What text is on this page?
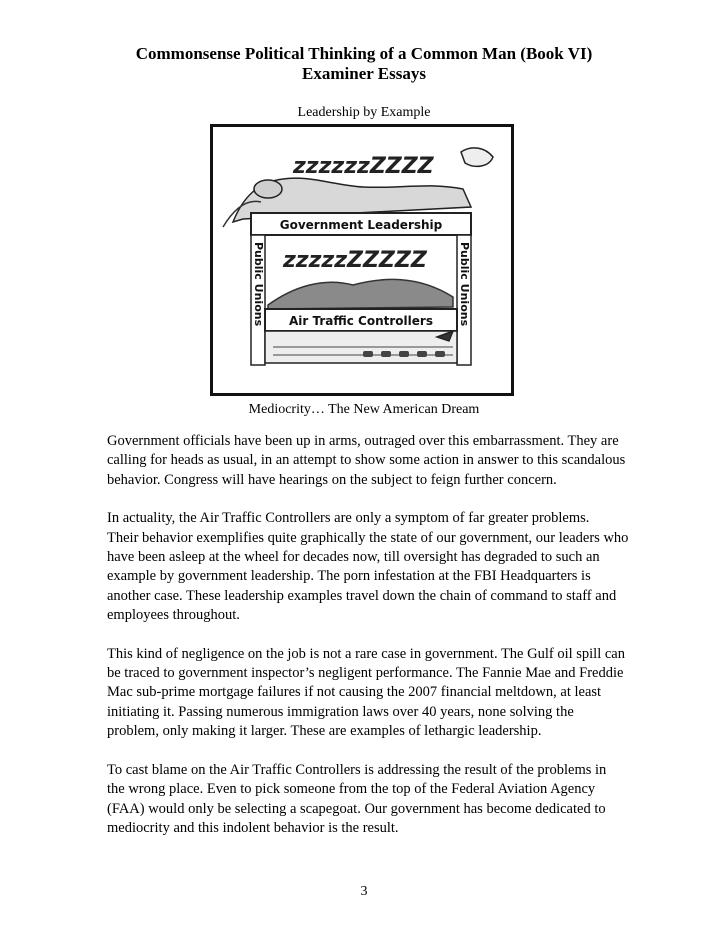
Commonsense Political Thinking of a Common Man (Book VI)
Examiner Essays
Leadership by Example
zzzzzzZZZZ
Government Leadership
Public Unions	Public Unions
zzzzzZZZZZ
Air Traffic Controllers
Mediocrity… The New American Dream

Government officials have been up in arms, outraged over this embarrassment. They are
calling for heads as usual, in an attempt to show some action in answer to this scandalous
behavior. Congress will have hearings on the subject to feign further concern.

In actuality, the Air Traffic Controllers are only a symptom of far greater problems.
Their behavior exemplifies quite graphically the state of our government, our leaders who
have been asleep at the wheel for decades now, till oversight has degraded to such an
example by government leadership. The porn infestation at the FBI Headquarters is
another case. These leadership examples travel down the chain of command to staff and
employees throughout.

This kind of negligence on the job is not a rare case in government. The Gulf oil spill can
be traced to government inspector’s negligent performance. The Fannie Mae and Freddie
Mac sub-prime mortgage failures if not causing the 2007 financial meltdown, at least
initiating it. Passing numerous immigration laws over 40 years, none solving the
problem, only making it larger. These are examples of lethargic leadership.

To cast blame on the Air Traffic Controllers is addressing the result of the problems in
the wrong place. Even to pick someone from the top of the Federal Aviation Agency
(FAA) would only be selecting a scapegoat. Our government has become dedicated to
mediocrity and this indolent behavior is the result.

3
